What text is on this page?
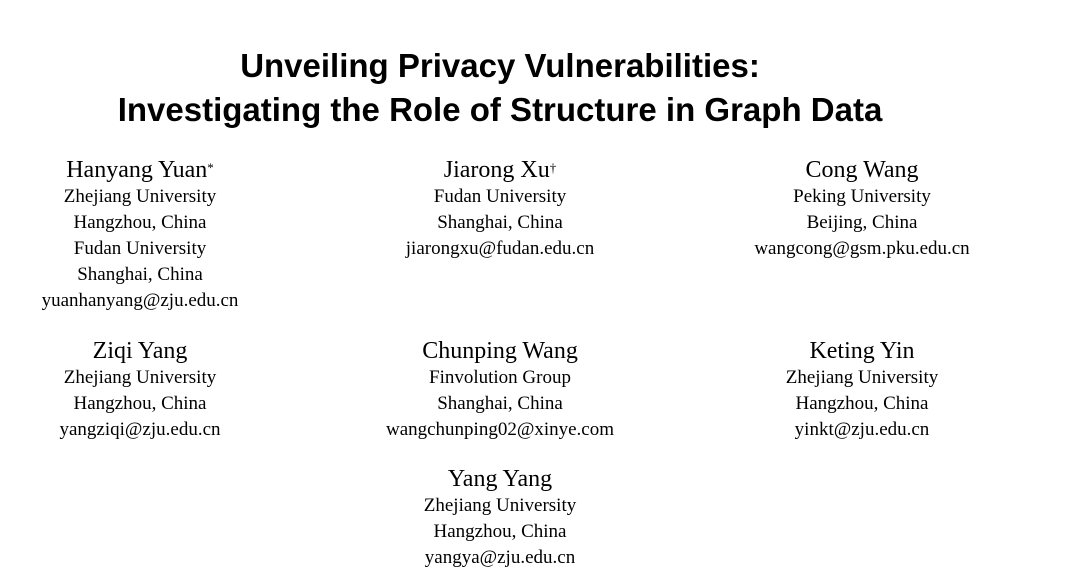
Unveiling Privacy Vulnerabilities:
Investigating the Role of Structure in Graph Data
Hanyang Yuan*
Zhejiang University
Hangzhou, China
Fudan University
Shanghai, China
yuanhanyang@zju.edu.cn
Jiarong Xu†
Fudan University
Shanghai, China
jiarongxu@fudan.edu.cn
Cong Wang
Peking University
Beijing, China
wangcong@gsm.pku.edu.cn
Ziqi Yang
Zhejiang University
Hangzhou, China
yangziqi@zju.edu.cn
Chunping Wang
Finvolution Group
Shanghai, China
wangchunping02@xinye.com
Keting Yin
Zhejiang University
Hangzhou, China
yinkt@zju.edu.cn
Yang Yang
Zhejiang University
Hangzhou, China
yangya@zju.edu.cn
